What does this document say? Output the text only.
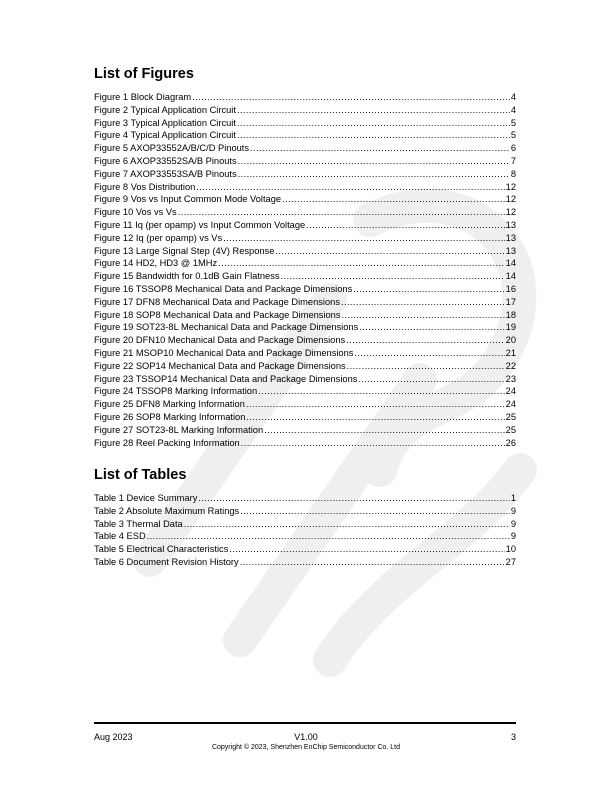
List of Figures
Figure 1 Block Diagram .....	4
Figure 2 Typical Application Circuit .....	4
Figure 3 Typical Application Circuit .....	5
Figure 4 Typical Application Circuit .....	5
Figure 5 AXOP33552A/B/C/D Pinouts .....	6
Figure 6 AXOP33552SA/B Pinouts .....	7
Figure 7 AXOP33553SA/B Pinouts .....	8
Figure 8 Vos Distribution .....	12
Figure 9 Vos vs Input Common Mode Voltage .....	12
Figure 10 Vos vs Vs .....	12
Figure 11 Iq (per opamp) vs Input Common Voltage .....	13
Figure 12 Iq (per opamp) vs Vs .....	13
Figure 13 Large Signal Step (4V) Response .....	13
Figure 14 HD2, HD3 @ 1MHz .....	14
Figure 15 Bandwidth for 0.1dB Gain Flatness .....	14
Figure 16 TSSOP8 Mechanical Data and Package Dimensions .....	16
Figure 17 DFN8 Mechanical Data and Package Dimensions .....	17
Figure 18 SOP8 Mechanical Data and Package Dimensions .....	18
Figure 19 SOT23-8L Mechanical Data and Package Dimensions .....	19
Figure 20 DFN10 Mechanical Data and Package Dimensions .....	20
Figure 21 MSOP10 Mechanical Data and Package Dimensions .....	21
Figure 22 SOP14 Mechanical Data and Package Dimensions .....	22
Figure 23 TSSOP14 Mechanical Data and Package Dimensions .....	23
Figure 24 TSSOP8 Marking Information .....	24
Figure 25 DFN8 Marking Information .....	24
Figure 26 SOP8 Marking Information .....	25
Figure 27 SOT23-8L Marking Information .....	25
Figure 28 Reel Packing Information .....	26
List of Tables
Table 1 Device Summary .....	1
Table 2 Absolute Maximum Ratings .....	9
Table 3 Thermal Data .....	9
Table 4 ESD .....	9
Table 5 Electrical Characteristics .....	10
Table 6 Document Revision History .....	27
Aug 2023	V1.00	3
Copyright © 2023, Shenzhen EnChip Semiconductor Co. Ltd
